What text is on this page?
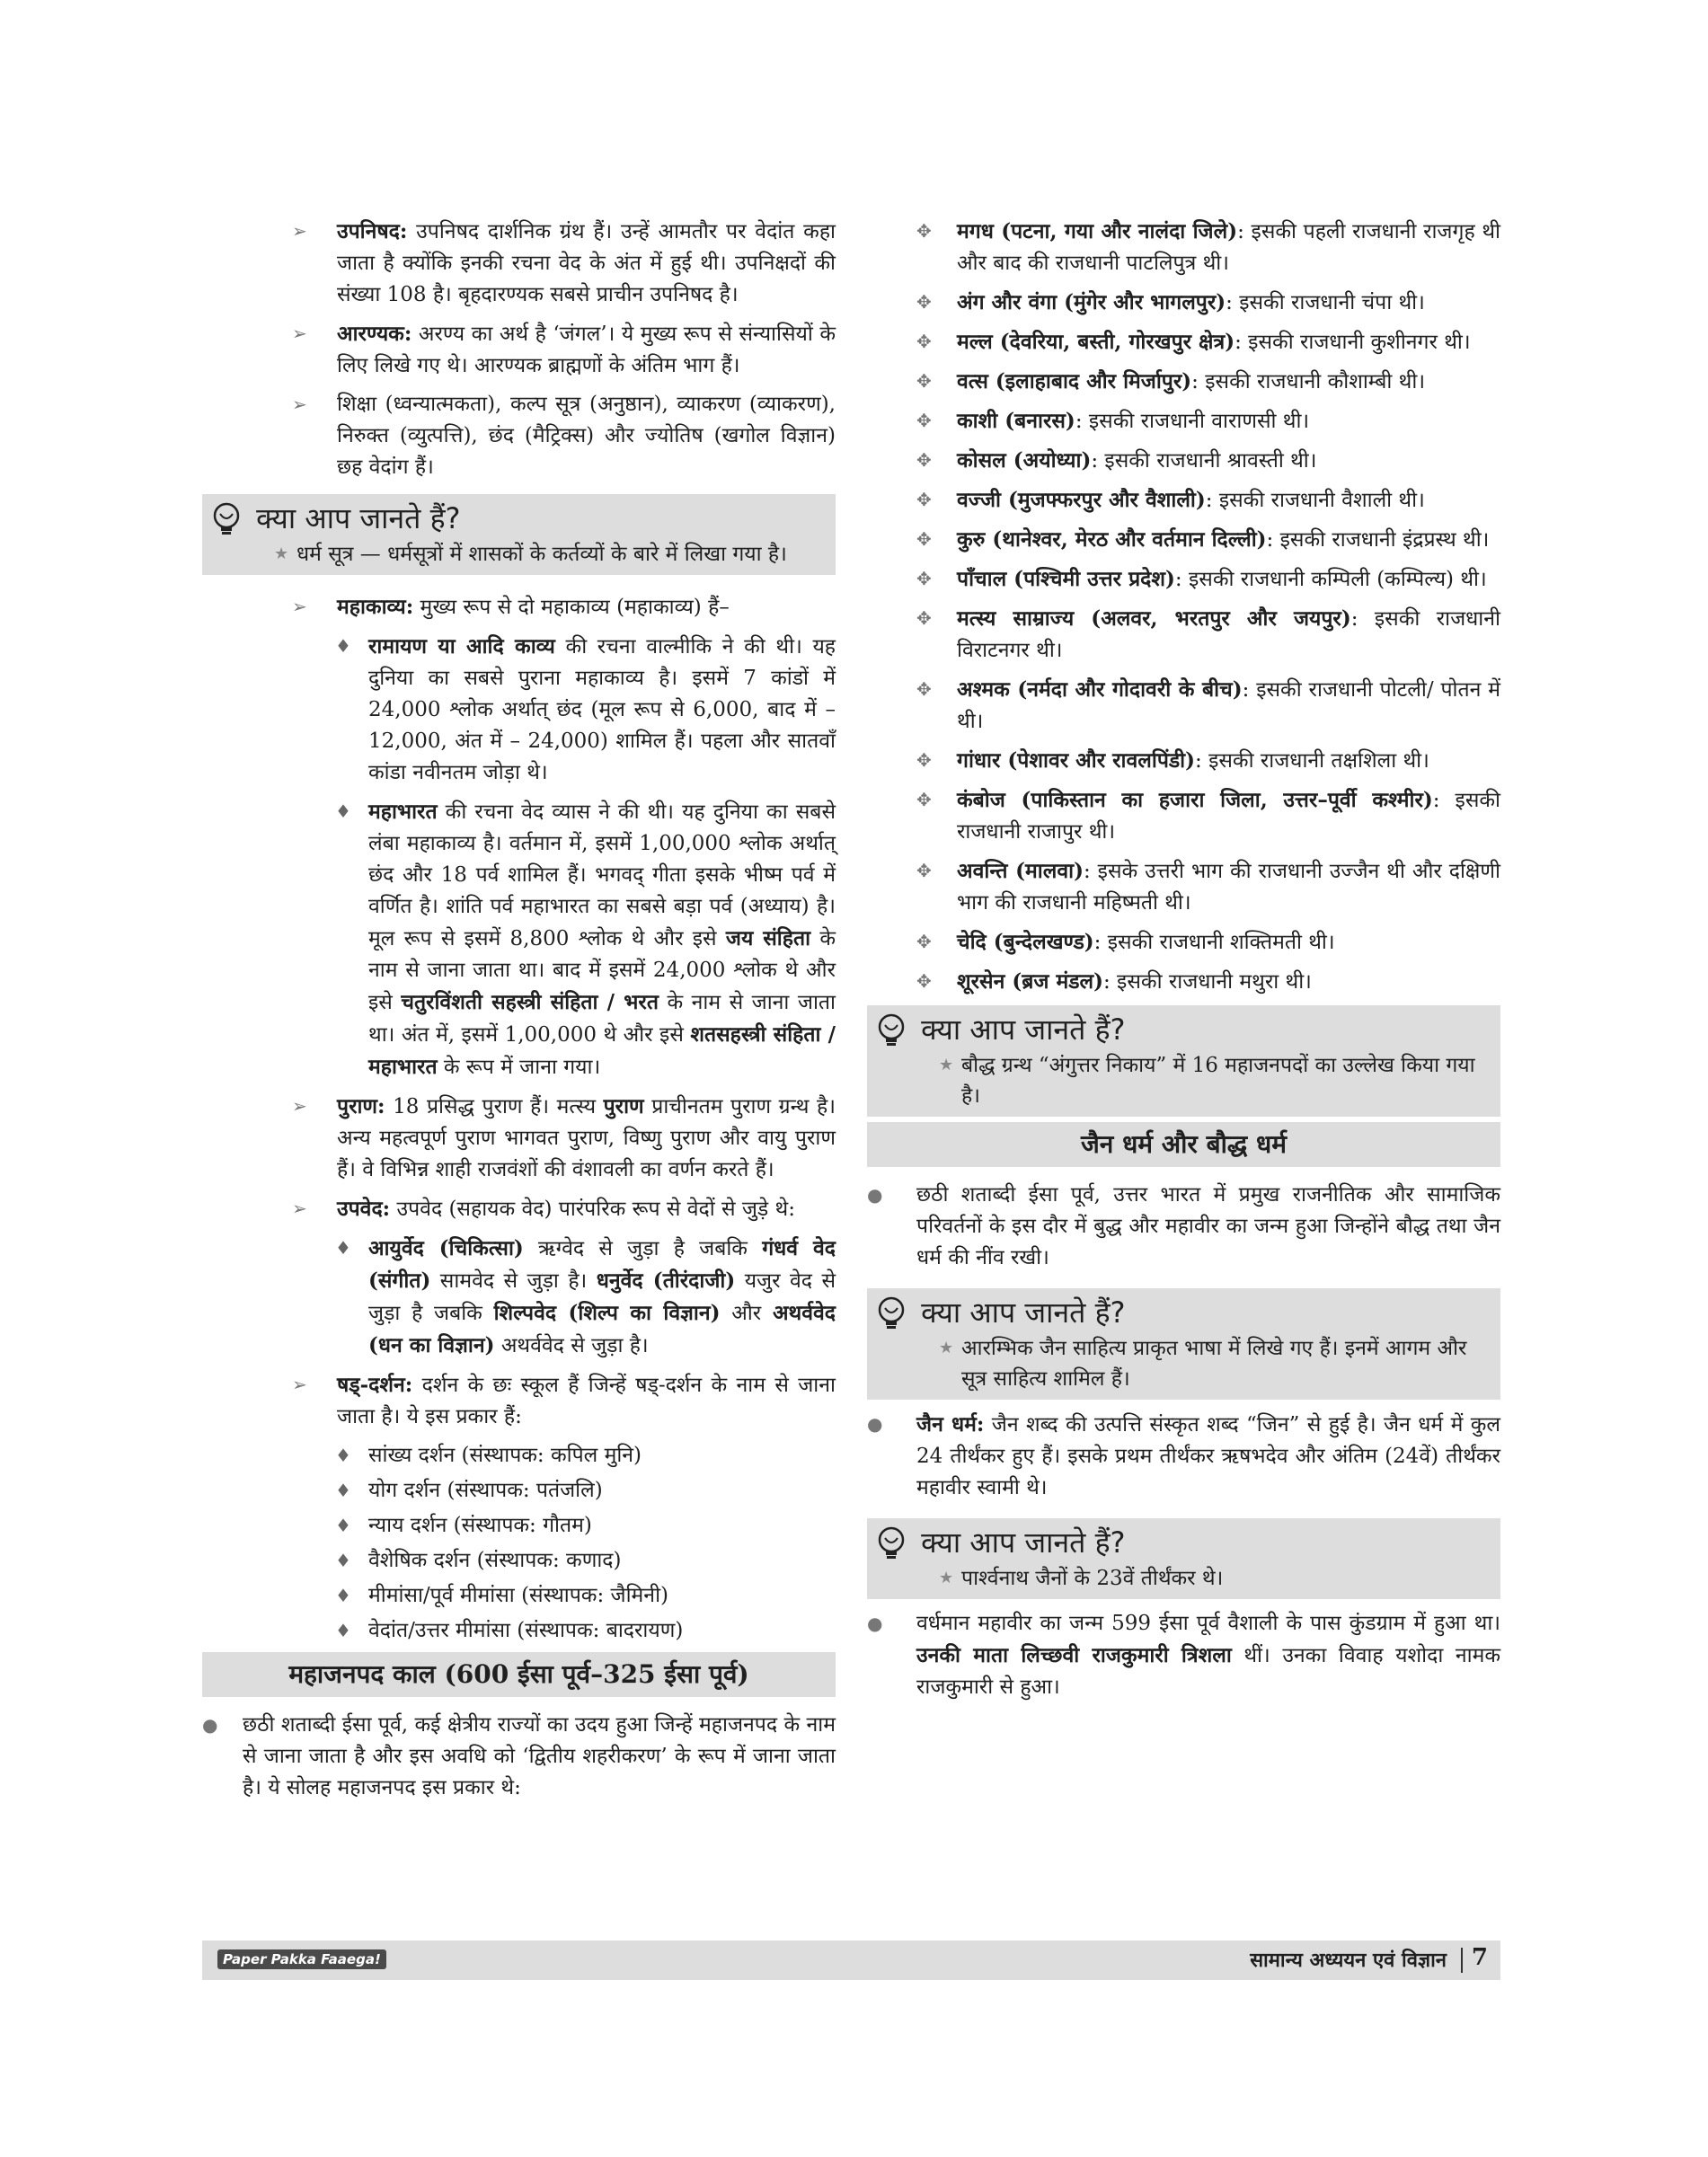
➢ उपनिषद: उपनिषद दार्शनिक ग्रंथ हैं। उन्हें आमतौर पर वेदांत कहा जाता है क्योंकि इनकी रचना वेद के अंत में हुई थी। उपनिक्षदों की संख्या 108 है। बृहदारण्यक सबसे प्राचीन उपनिषद है।
➢ आरण्यक: अरण्य का अर्थ है ‘जंगल’। ये मुख्य रूप से संन्यासियों के लिए लिखे गए थे। आरण्यक ब्राह्मणों के अंतिम भाग हैं।
➢ शिक्षा (ध्वन्यात्मकता), कल्प सूत्र (अनुष्ठान), व्याकरण (व्याकरण), निरुक्त (व्युत्पत्ति), छंद (मैट्रिक्स) और ज्योतिष (खगोल विज्ञान) छह वेदांग हैं।
क्या आप जानते हैं?
★ धर्म सूत्र — धर्मसूत्रों में शासकों के कर्तव्यों के बारे में लिखा गया है।
➢ महाकाव्य: मुख्य रूप से दो महाकाव्य (महाकाव्य) हैं–
♦ रामायण या आदि काव्य की रचना वाल्मीकि ने की थी। यह दुनिया का सबसे पुराना महाकाव्य है। इसमें 7 कांडों में 24,000 श्लोक अर्थात् छंद (मूल रूप से 6,000, बाद में – 12,000, अंत में – 24,000) शामिल हैं। पहला और सातवाँ कांडा नवीनतम जोड़ा थे।
♦ महाभारत की रचना वेद व्यास ने की थी। यह दुनिया का सबसे लंबा महाकाव्य है। वर्तमान में, इसमें 1,00,000 श्लोक अर्थात् छंद और 18 पर्व शामिल हैं। भगवद् गीता इसके भीष्म पर्व में वर्णित है। शांति पर्व महाभारत का सबसे बड़ा पर्व (अध्याय) है। मूल रूप से इसमें 8,800 श्लोक थे और इसे जय संहिता के नाम से जाना जाता था। बाद में इसमें 24,000 श्लोक थे और इसे चतुरविंशती सहस्त्री संहिता / भरत के नाम से जाना जाता था। अंत में, इसमें 1,00,000 थे और इसे शतसहस्त्री संहिता / महाभारत के रूप में जाना गया।
➢ पुराण: 18 प्रसिद्ध पुराण हैं। मत्स्य पुराण प्राचीनतम पुराण ग्रन्थ है। अन्य महत्वपूर्ण पुराण भागवत पुराण, विष्णु पुराण और वायु पुराण हैं। वे विभिन्न शाही राजवंशों की वंशावली का वर्णन करते हैं।
➢ उपवेद: उपवेद (सहायक वेद) पारंपरिक रूप से वेदों से जुड़े थे:
♦ आयुर्वेद (चिकित्सा) ऋग्वेद से जुड़ा है जबकि गंधर्व वेद (संगीत) सामवेद से जुड़ा है। धनुर्वेद (तीरंदाजी) यजुर वेद से जुड़ा है जबकि शिल्पवेद (शिल्प का विज्ञान) और अथर्ववेद (धन का विज्ञान) अथर्ववेद से जुड़ा है।
➢ षड्-दर्शन: दर्शन के छः स्कूल हैं जिन्हें षड्-दर्शन के नाम से जाना जाता है। ये इस प्रकार हैं:
♦ सांख्य दर्शन (संस्थापक: कपिल मुनि)
♦ योग दर्शन (संस्थापक: पतंजलि)
♦ न्याय दर्शन (संस्थापक: गौतम)
♦ वैशेषिक दर्शन (संस्थापक: कणाद)
♦ मीमांसा/पूर्व मीमांसा (संस्थापक: जैमिनी)
♦ वेदांत/उत्तर मीमांसा (संस्थापक: बादरायण)
महाजनपद काल (600 ईसा पूर्व–325 ईसा पूर्व)
● छठी शताब्दी ईसा पूर्व, कई क्षेत्रीय राज्यों का उदय हुआ जिन्हें महाजनपद के नाम से जाना जाता है और इस अवधि को ‘द्वितीय शहरीकरण’ के रूप में जाना जाता है। ये सोलह महाजनपद इस प्रकार थे:
✥ मगध (पटना, गया और नालंदा जिले): इसकी पहली राजधानी राजगृह थी और बाद की राजधानी पाटलिपुत्र थी।
✥ अंग और वंगा (मुंगेर और भागलपुर): इसकी राजधानी चंपा थी।
✥ मल्ल (देवरिया, बस्ती, गोरखपुर क्षेत्र): इसकी राजधानी कुशीनगर थी।
✥ वत्स (इलाहाबाद और मिर्जापुर): इसकी राजधानी कौशाम्बी थी।
✥ काशी (बनारस): इसकी राजधानी वाराणसी थी।
✥ कोसल (अयोध्या): इसकी राजधानी श्रावस्ती थी।
✥ वज्जी (मुजफ्फरपुर और वैशाली): इसकी राजधानी वैशाली थी।
✥ कुरु (थानेश्वर, मेरठ और वर्तमान दिल्ली): इसकी राजधानी इंद्रप्रस्थ थी।
✥ पाँचाल (पश्चिमी उत्तर प्रदेश): इसकी राजधानी कम्पिली (कम्पिल्य) थी।
✥ मत्स्य साम्राज्य (अलवर, भरतपुर और जयपुर): इसकी राजधानी विराटनगर थी।
✥ अश्मक (नर्मदा और गोदावरी के बीच): इसकी राजधानी पोटली/ पोतन में थी।
✥ गांधार (पेशावर और रावलपिंडी): इसकी राजधानी तक्षशिला थी।
✥ कंबोज (पाकिस्तान का हजारा जिला, उत्तर–पूर्वी कश्मीर): इसकी राजधानी राजापुर थी।
✥ अवन्ति (मालवा): इसके उत्तरी भाग की राजधानी उज्जैन थी और दक्षिणी भाग की राजधानी महिष्मती थी।
✥ चेदि (बुन्देलखण्ड): इसकी राजधानी शक्तिमती थी।
✥ शूरसेन (ब्रज मंडल): इसकी राजधानी मथुरा थी।
क्या आप जानते हैं?
★ बौद्ध ग्रन्थ “अंगुत्तर निकाय” में 16 महाजनपदों का उल्लेख किया गया है।
जैन धर्म और बौद्ध धर्म
● छठी शताब्दी ईसा पूर्व, उत्तर भारत में प्रमुख राजनीतिक और सामाजिक परिवर्तनों के इस दौर में बुद्ध और महावीर का जन्म हुआ जिन्होंने बौद्ध तथा जैन धर्म की नींव रखी।
क्या आप जानते हैं?
★ आरम्भिक जैन साहित्य प्राकृत भाषा में लिखे गए हैं। इनमें आगम और सूत्र साहित्य शामिल हैं।
● जैन धर्म: जैन शब्द की उत्पत्ति संस्कृत शब्द “जिन” से हुई है। जैन धर्म में कुल 24 तीर्थंकर हुए हैं। इसके प्रथम तीर्थंकर ऋषभदेव और अंतिम (24वें) तीर्थंकर महावीर स्वामी थे।
क्या आप जानते हैं?
★ पार्श्वनाथ जैनों के 23वें तीर्थंकर थे।
● वर्धमान महावीर का जन्म 599 ईसा पूर्व वैशाली के पास कुंडग्राम में हुआ था। उनकी माता लिच्छवी राजकुमारी त्रिशला थीं। उनका विवाह यशोदा नामक राजकुमारी से हुआ।
Paper Pakka Faaega!	सामान्य अध्ययन एवं विज्ञान 7
